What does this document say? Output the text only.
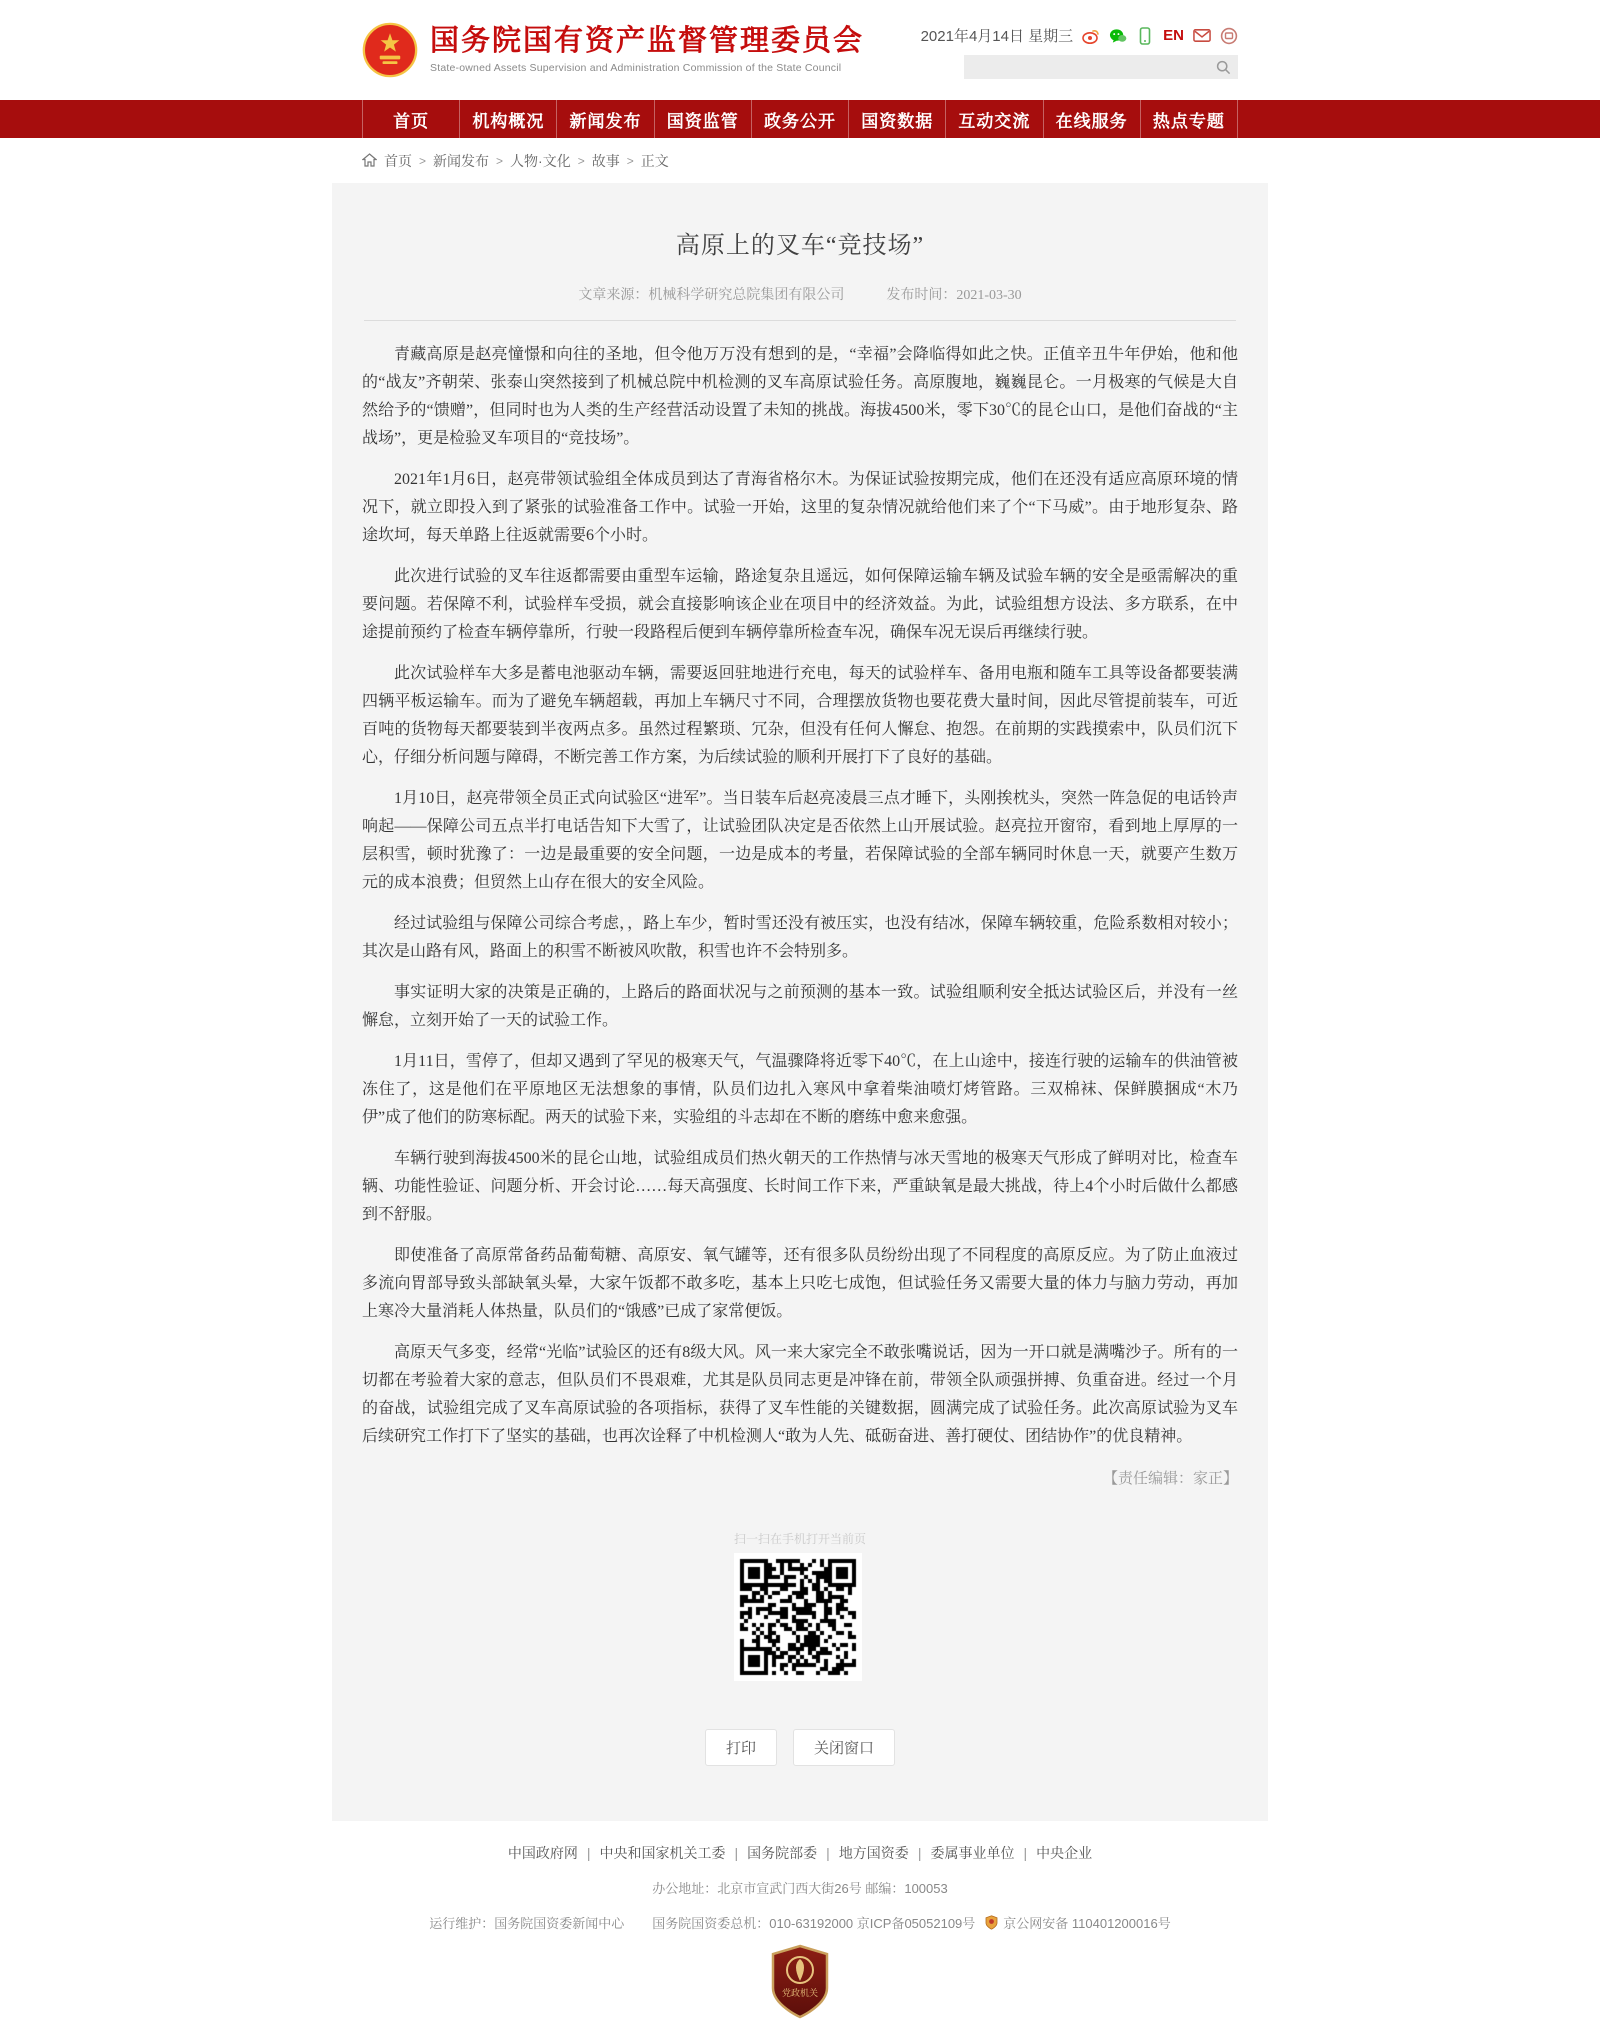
国务院国有资产监督管理委员会
State-owned Assets Supervision and Administration Commission of the State Council
2021年4月14日 星期三	EN
首页	机构概况	新闻发布	国资监管	政务公开	国资数据	互动交流	在线服务	热点专题
首页 > 新闻发布 > 人物·文化 > 故事 > 正文
高原上的叉车“竞技场”
文章来源：机械科学研究总院集团有限公司	发布时间：2021-03-30

青藏高原是赵亮憧憬和向往的圣地，但令他万万没有想到的是，“幸福”会降临得如此之快。正值辛丑牛年伊始，他和他的“战友”齐朝荣、张泰山突然接到了机械总院中机检测的叉车高原试验任务。高原腹地，巍巍昆仑。一月极寒的气候是大自然给予的“馈赠”，但同时也为人类的生产经营活动设置了未知的挑战。海拔4500米，零下30℃的昆仑山口，是他们奋战的“主战场”，更是检验叉车项目的“竞技场”。

2021年1月6日，赵亮带领试验组全体成员到达了青海省格尔木。为保证试验按期完成，他们在还没有适应高原环境的情况下，就立即投入到了紧张的试验准备工作中。试验一开始，这里的复杂情况就给他们来了个“下马威”。由于地形复杂、路途坎坷，每天单路上往返就需要6个小时。

此次进行试验的叉车往返都需要由重型车运输，路途复杂且遥远，如何保障运输车辆及试验车辆的安全是亟需解决的重要问题。若保障不利，试验样车受损，就会直接影响该企业在项目中的经济效益。为此，试验组想方设法、多方联系，在中途提前预约了检查车辆停靠所，行驶一段路程后便到车辆停靠所检查车况，确保车况无误后再继续行驶。

此次试验样车大多是蓄电池驱动车辆，需要返回驻地进行充电，每天的试验样车、备用电瓶和随车工具等设备都要装满四辆平板运输车。而为了避免车辆超载，再加上车辆尺寸不同，合理摆放货物也要花费大量时间，因此尽管提前装车，可近百吨的货物每天都要装到半夜两点多。虽然过程繁琐、冗杂，但没有任何人懈怠、抱怨。在前期的实践摸索中，队员们沉下心，仔细分析问题与障碍，不断完善工作方案，为后续试验的顺利开展打下了良好的基础。

1月10日，赵亮带领全员正式向试验区“进军”。当日装车后赵亮凌晨三点才睡下，头刚挨枕头，突然一阵急促的电话铃声响起——保障公司五点半打电话告知下大雪了，让试验团队决定是否依然上山开展试验。赵亮拉开窗帘，看到地上厚厚的一层积雪，顿时犹豫了：一边是最重要的安全问题，一边是成本的考量，若保障试验的全部车辆同时休息一天，就要产生数万元的成本浪费；但贸然上山存在很大的安全风险。

经过试验组与保障公司综合考虑，，路上车少，暂时雪还没有被压实，也没有结冰，保障车辆较重，危险系数相对较小；其次是山路有风，路面上的积雪不断被风吹散，积雪也许不会特别多。

事实证明大家的决策是正确的，上路后的路面状况与之前预测的基本一致。试验组顺利安全抵达试验区后，并没有一丝懈怠，立刻开始了一天的试验工作。

1月11日，雪停了，但却又遇到了罕见的极寒天气，气温骤降将近零下40℃，在上山途中，接连行驶的运输车的供油管被冻住了，这是他们在平原地区无法想象的事情，队员们边扎入寒风中拿着柴油喷灯烤管路。三双棉袜、保鲜膜捆成“木乃伊”成了他们的防寒标配。两天的试验下来，实验组的斗志却在不断的磨练中愈来愈强。

车辆行驶到海拔4500米的昆仑山地，试验组成员们热火朝天的工作热情与冰天雪地的极寒天气形成了鲜明对比，检查车辆、功能性验证、问题分析、开会讨论……每天高强度、长时间工作下来，严重缺氧是最大挑战，待上4个小时后做什么都感到不舒服。

即使准备了高原常备药品葡萄糖、高原安、氧气罐等，还有很多队员纷纷出现了不同程度的高原反应。为了防止血液过多流向胃部导致头部缺氧头晕，大家午饭都不敢多吃，基本上只吃七成饱，但试验任务又需要大量的体力与脑力劳动，再加上寒冷大量消耗人体热量，队员们的“饿感”已成了家常便饭。

高原天气多变，经常“光临”试验区的还有8级大风。风一来大家完全不敢张嘴说话，因为一开口就是满嘴沙子。所有的一切都在考验着大家的意志，但队员们不畏艰难，尤其是队员同志更是冲锋在前，带领全队顽强拼搏、负重奋进。经过一个月的奋战，试验组完成了叉车高原试验的各项指标，获得了叉车性能的关键数据，圆满完成了试验任务。此次高原试验为叉车后续研究工作打下了坚实的基础，也再次诠释了中机检测人“敢为人先、砥砺奋进、善打硬仗、团结协作”的优良精神。

【责任编辑：家正】
扫一扫在手机打开当前页
打印	关闭窗口
中国政府网 | 中央和国家机关工委 | 国务院部委 | 地方国资委 | 委属事业单位 | 中央企业
办公地址：北京市宣武门西大街26号 邮编：100053
运行维护：国务院国资委新闻中心 国务院国资委总机：010-63192000 京ICP备05052109号 京公网安备 110401200016号
党政机关
